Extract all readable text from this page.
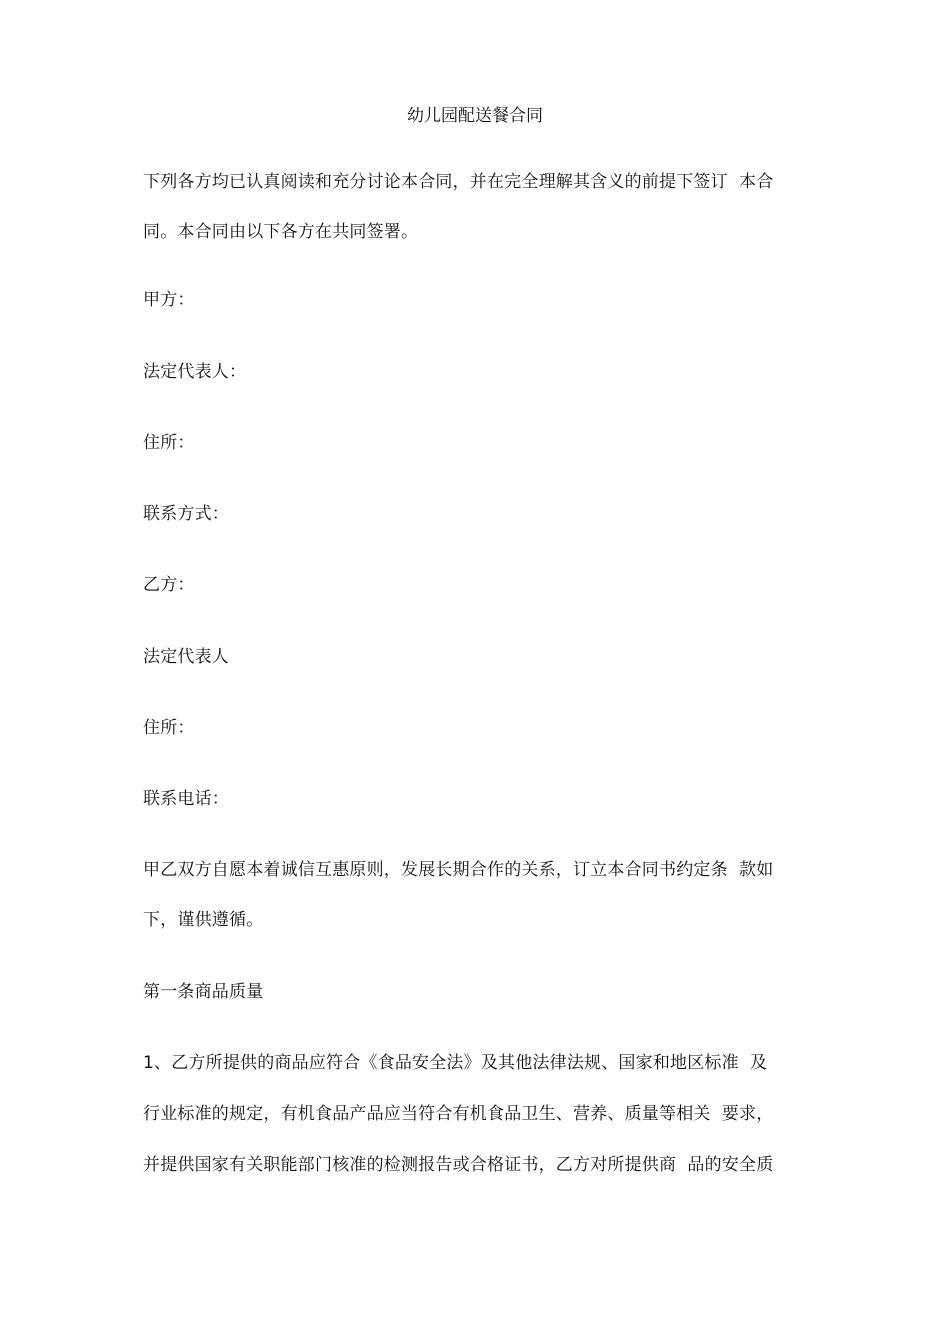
幼儿园配送餐合同
下列各方均已认真阅读和充分讨论本合同，并在完全理解其含义的前提下签订  本合
同。本合同由以下各方在共同签署。
甲方：
法定代表人：
住所：
联系方式：
乙方：
法定代表人
住所：
联系电话：
甲乙双方自愿本着诚信互惠原则，发展长期合作的关系，订立本合同书约定条  款如
下，谨供遵循。
第一条商品质量
1、乙方所提供的商品应符合《食品安全法》及其他法律法规、国家和地区标准  及
行业标准的规定，有机食品产品应当符合有机食品卫生、营养、质量等相关  要求，
并提供国家有关职能部门核准的检测报告或合格证书，乙方对所提供商  品的安全质
